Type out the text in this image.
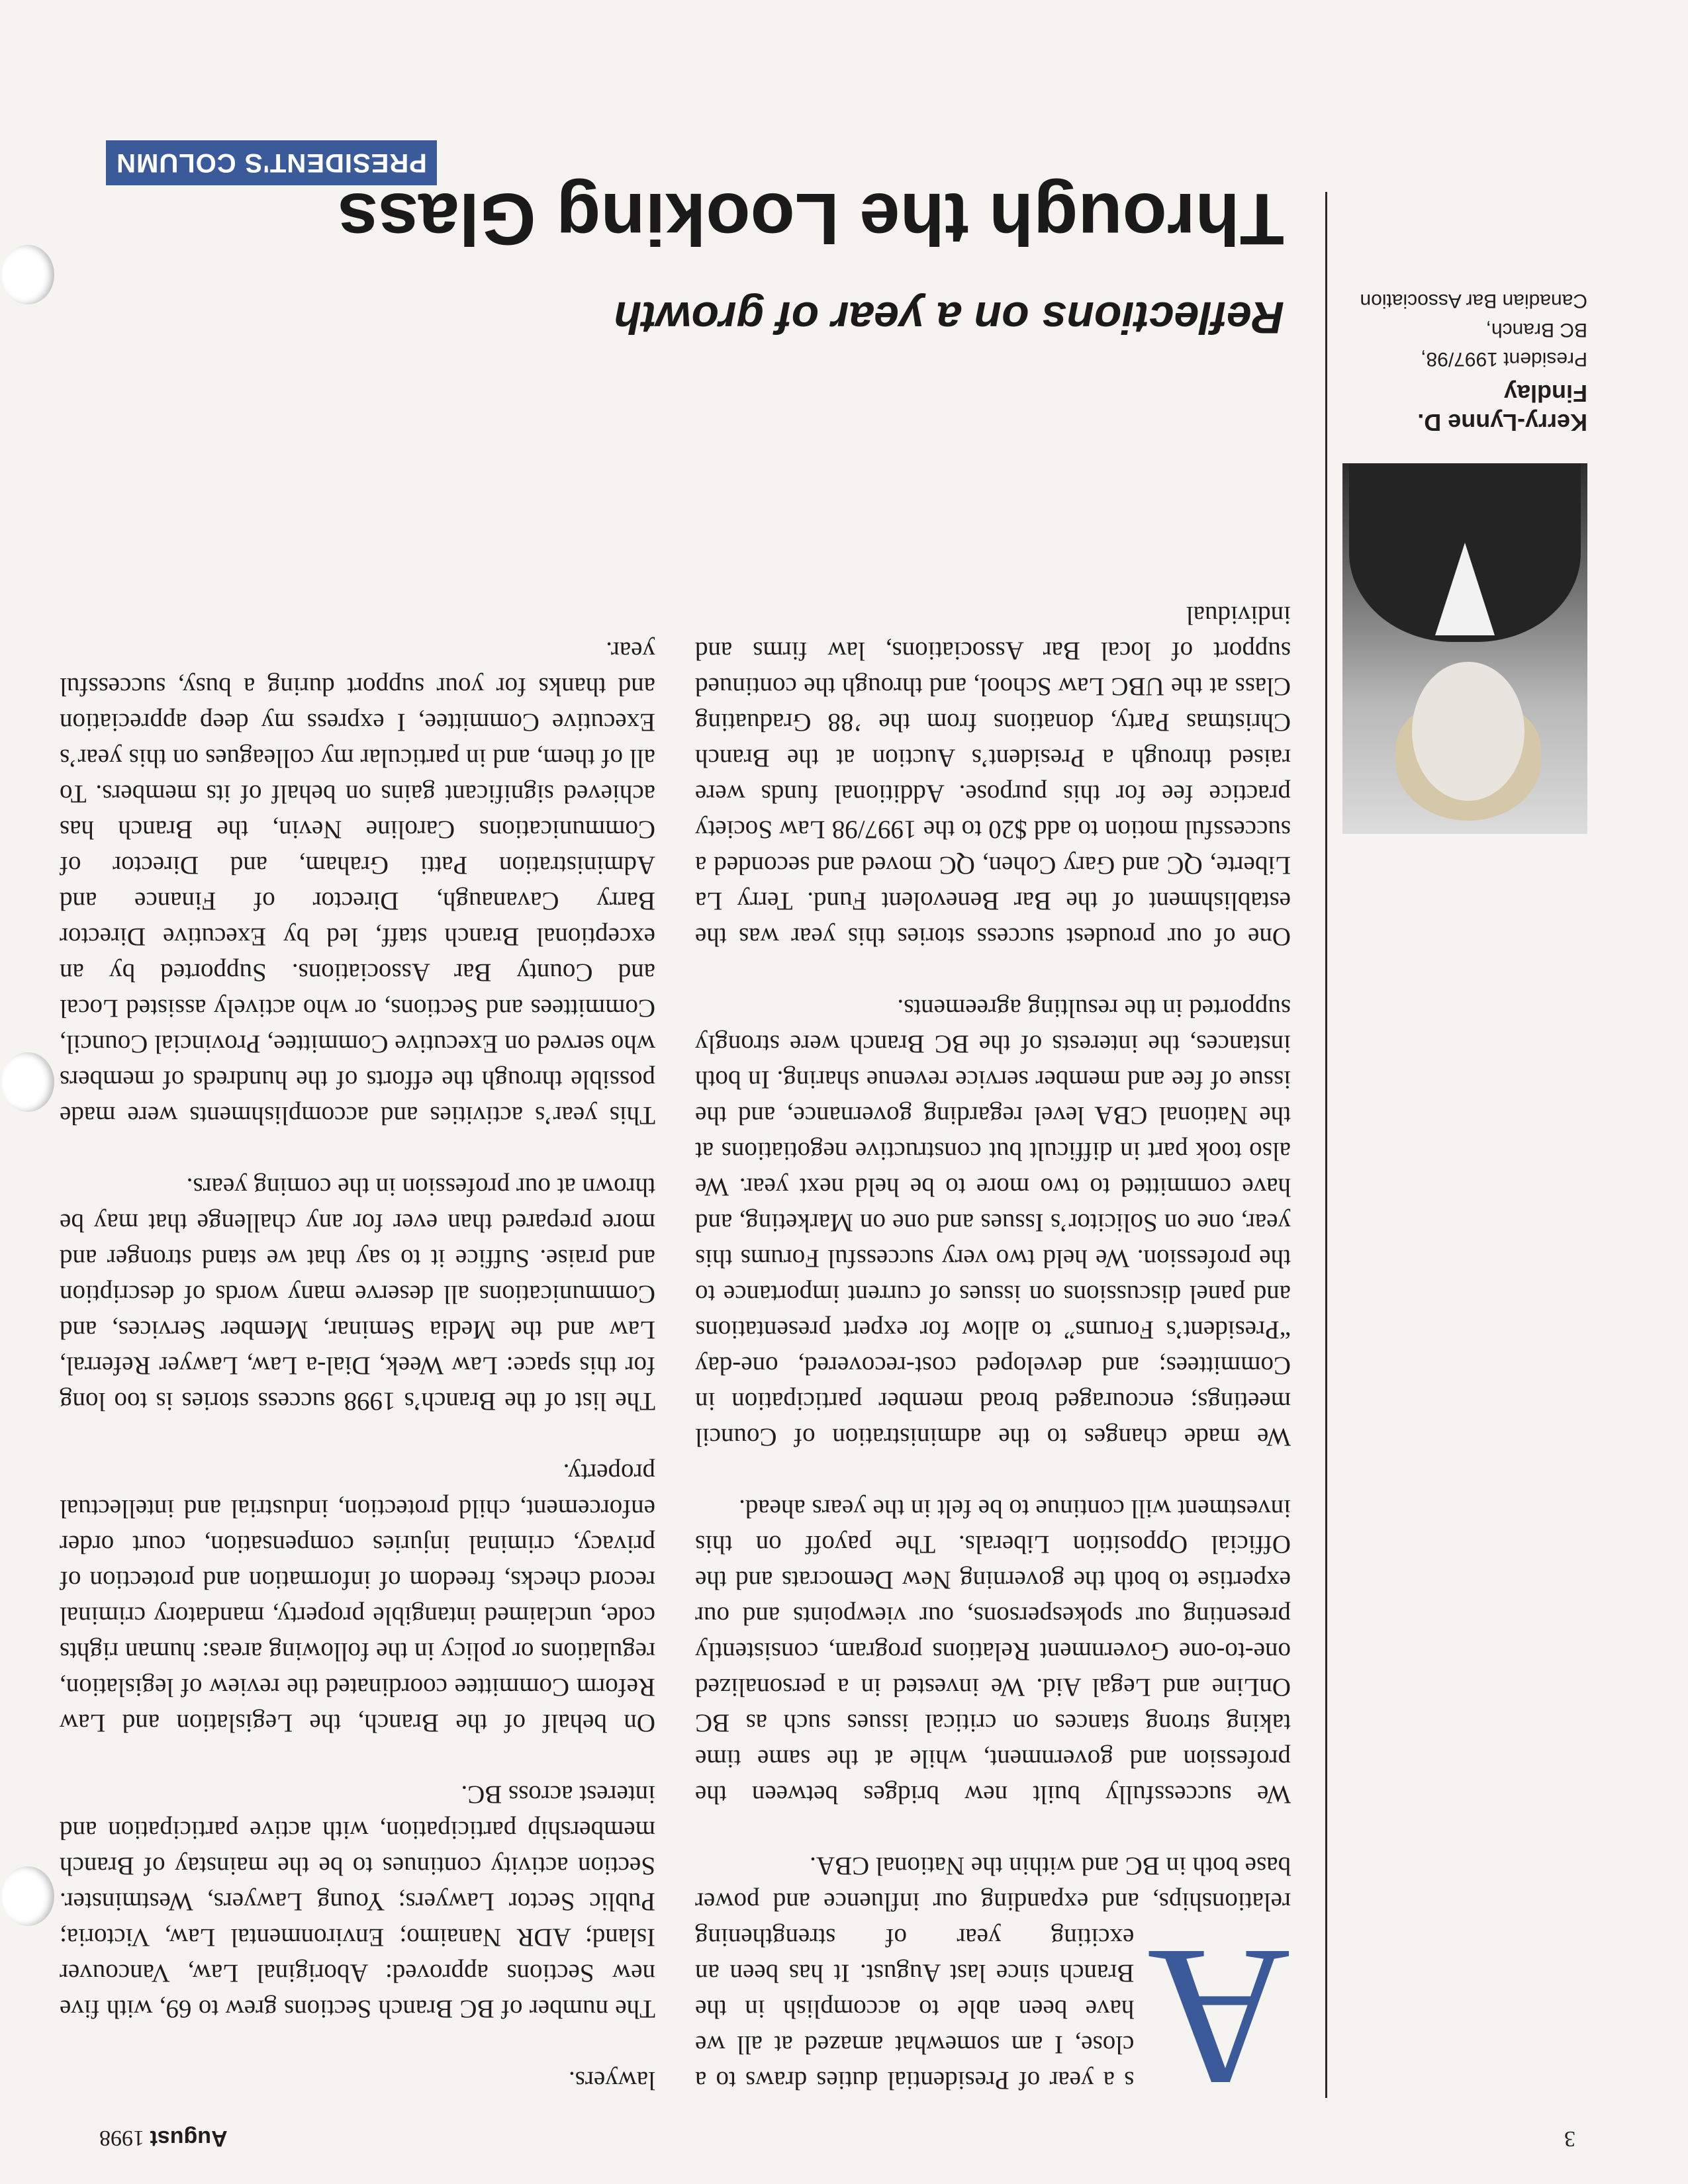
3
August 1998
PRESIDENT'S COLUMN
Kerry-Lynne D.
Findlay
President 1997/98,
BC Branch,
Canadian Bar Association
Through the Looking Glass
Reflections on a year of growth

A
s a year of Presidential duties draws to a close, I am somewhat amazed at all we have been able to accomplish in the Branch since last August. It has been an exciting year of strengthening relationships, and expanding our influence and power base both in BC and within the National CBA.

We successfully built new bridges between the profession and government, while at the same time taking strong stances on critical issues such as BC OnLine and Legal Aid. We invested in a personalized one-to-one Government Relations program, consistently presenting our spokespersons, our viewpoints and our expertise to both the governing New Democrats and the Official Opposition Liberals. The payoff on this investment will continue to be felt in the years ahead.

We made changes to the administration of Council meetings; encouraged broad member participation in Committees; and developed cost-recovered, one-day “President’s Forums” to allow for expert presentations and panel discussions on issues of current importance to the profession. We held two very successful Forums this year, one on Solicitor’s Issues and one on Marketing, and have committed to two more to be held next year. We also took part in difficult but constructive negotiations at the National CBA level regarding governance, and the issue of fee and member service revenue sharing. In both instances, the interests of the BC Branch were strongly supported in the resulting agreements.

One of our proudest success stories this year was the establishment of the Bar Benevolent Fund. Terry La Liberte, QC and Gary Cohen, QC moved and seconded a successful motion to add $20 to the 1997/98 Law Society practice fee for this purpose. Additional funds were raised through a President’s Auction at the Branch Christmas Party, donations from the ’88 Graduating Class at the UBC Law School, and through the continued support of local Bar Associations, law firms and individual

lawyers.

The number of BC Branch Sections grew to 69, with five new Sections approved: Aboriginal Law, Vancouver Island; ADR Nanaimo; Environmental Law, Victoria; Public Sector Lawyers; Young Lawyers, Westminster. Section activity continues to be the mainstay of Branch membership participation, with active participation and interest across BC.

On behalf of the Branch, the Legislation and Law Reform Committee coordinated the review of legislation, regulations or policy in the following areas: human rights code, unclaimed intangible property, mandatory criminal record checks, freedom of information and protection of privacy, criminal injuries compensation, court order enforcement, child protection, industrial and intellectual property.

The list of the Branch’s 1998 success stories is too long for this space: Law Week, Dial-a Law, Lawyer Referral, Law and the Media Seminar, Member Services, and Communications all deserve many words of description and praise. Suffice it to say that we stand stronger and more prepared than ever for any challenge that may be thrown at our profession in the coming years.

This year’s activities and accomplishments were made possible through the efforts of the hundreds of members who served on Executive Committee, Provincial Council, Committees and Sections, or who actively assisted Local and County Bar Associations. Supported by an exceptional Branch staff, led by Executive Director Barry Cavanaugh, Director of Finance and Administration Patti Graham, and Director of Communications Caroline Nevin, the Branch has achieved significant gains on behalf of its members. To all of them, and in particular my colleagues on this year’s Executive Committee, I express my deep appreciation and thanks for your support during a busy, successful year.
